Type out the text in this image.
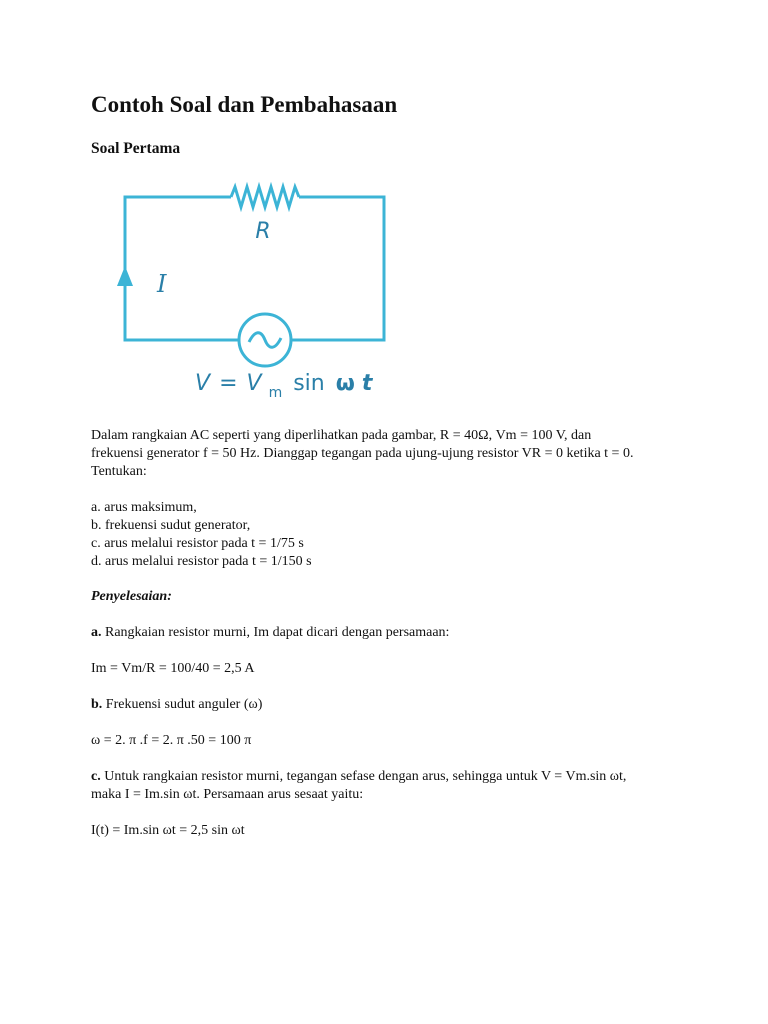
Contoh Soal dan Pembahasaan
Soal Pertama
R
I
V = V $_m$ sin ω t

Dalam rangkaian AC seperti yang diperlihatkan pada gambar, R = 40Ω, Vm = 100 V, dan

frekuensi generator f = 50 Hz. Dianggap tegangan pada ujung-ujung resistor VR = 0 ketika t = 0.

Tentukan:

a. arus maksimum,

b. frekuensi sudut generator,

c. arus melalui resistor pada t = 1/75 s

d. arus melalui resistor pada t = 1/150 s

Penyelesaian:

a. Rangkaian resistor murni, Im dapat dicari dengan persamaan:

Im = Vm/R = 100/40 = 2,5 A

b. Frekuensi sudut anguler (ω)

ω = 2. π .f = 2. π .50 = 100 π

c. Untuk rangkaian resistor murni, tegangan sefase dengan arus, sehingga untuk V = Vm.sin ωt,

maka I = Im.sin ωt. Persamaan arus sesaat yaitu:

I(t) = Im.sin ωt = 2,5 sin ωt
